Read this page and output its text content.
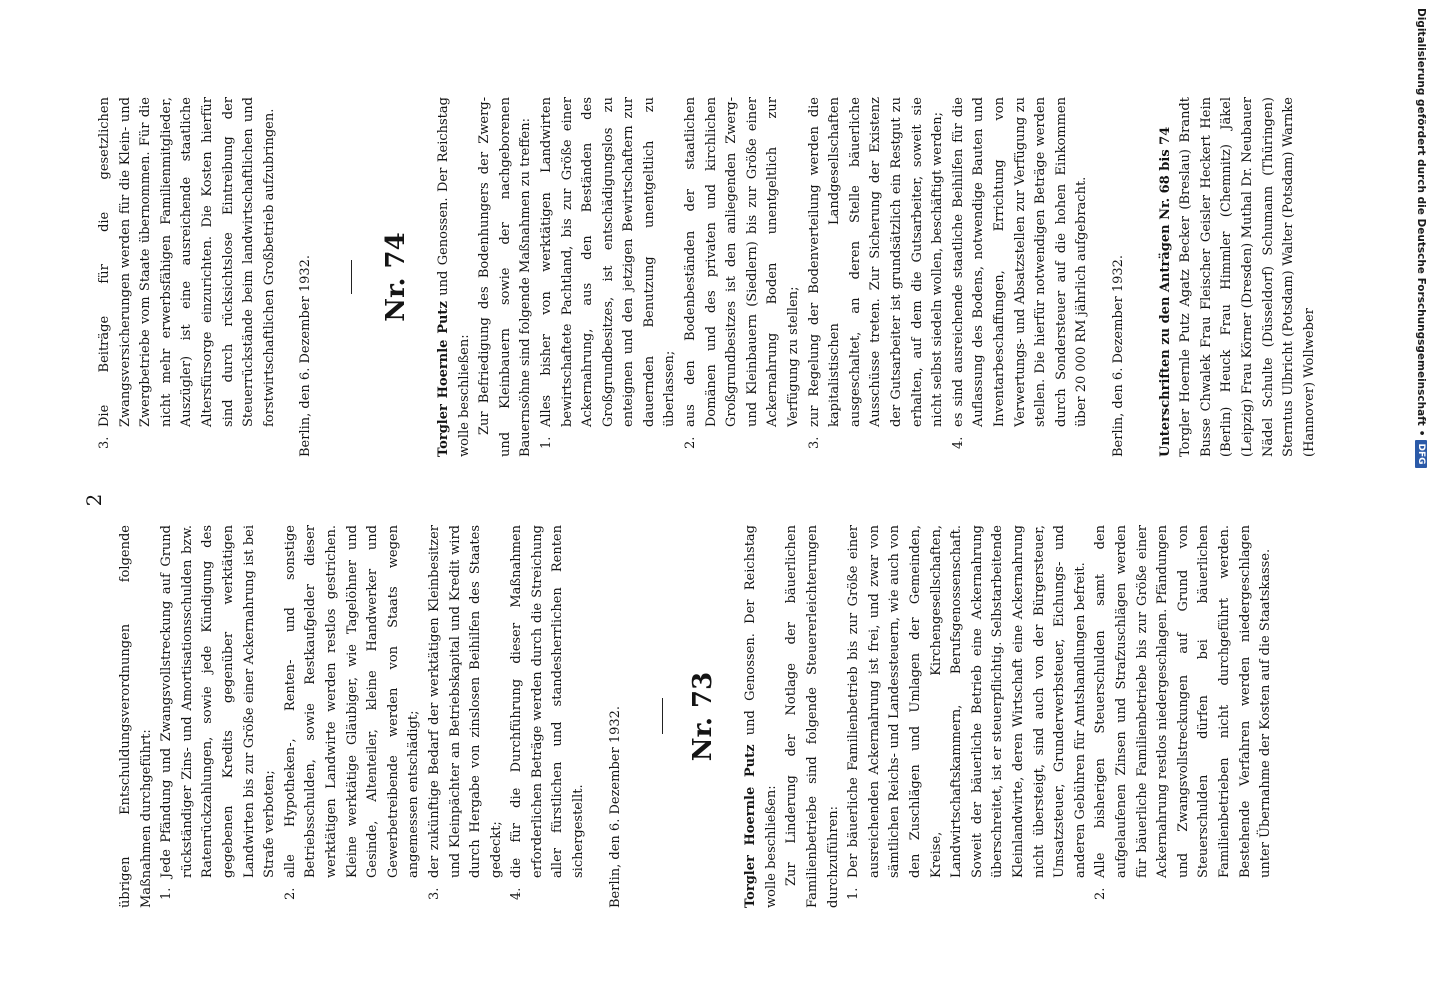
2

übrigen Entschuldungsverordnungen folgende Maßnahmen durchgeführt: 1.Jede Pfändung und Zwangsvollstreckung auf Grund rückständiger Zins- und Amortisationsschulden bzw. Ratenrückzahlungen, sowie jede Kündigung des gegebenen Kredits gegenüber werktätigen Landwirten bis zur Größe einer Ackernahrung ist bei Strafe verboten;

2.alle Hypotheken-, Renten- und sonstige Betriebsschulden, sowie Restkaufgelder dieser werktätigen Landwirte werden restlos gestrichen. Kleine werktätige Gläubiger, wie Tagelöhner und Gesinde, Altenteiler, kleine Handwerker und Gewerbetreibende werden von Staats wegen angemessen entschädigt;

3.der zukünftige Bedarf der werktätigen Kleinbesitzer und Kleinpächter an Betriebskapital und Kredit wird durch Hergabe von zinslosen Beihilfen des Staates gedeckt;

4.die für die Durchführung dieser Maßnahmen erforderlichen Beträge werden durch die Streichung aller fürstlichen und standesherrlichen Renten sichergestellt. Berlin, den 6. Dezember 1932.	Nr. 73

Torgler Hoernle Putz und Genossen. Der Reichstag wolle beschließen: Zur Linderung der Notlage der bäuerlichen Familienbetriebe sind folgende Steuererleichterungen durchzuführen: 1.Der bäuerliche Familienbetrieb bis zur Größe einer ausreichenden Ackernahrung ist frei, und zwar von sämtlichen Reichs- und Landessteuern, wie auch von den Zuschlägen und Umlagen der Gemeinden, Kreise, Kirchengesellschaften, Landwirtschaftskammern, Berufsgenossenschaft. Soweit der bäuerliche Betrieb eine Ackernahrung überschreitet, ist er steuerpflichtig. Selbstarbeitende Kleinlandwirte, deren Wirtschaft eine Ackernahrung nicht übersteigt, sind auch von der Bürgersteuer, Umsatzsteuer, Grunderwerbsteuer, Eichungs- und anderen Gebühren für Amtshandlungen befreit.

2.Alle bisherigen Steuerschulden samt den aufgelaufenen Zinsen und Strafzuschlägen werden für bäuerliche Familienbetriebe bis zur Größe einer Ackernahrung restlos niedergeschlagen. Pfändungen und Zwangsvollstreckungen auf Grund von Steuerschulden dürfen bei bäuerlichen Familienbetrieben nicht durchgeführt werden. Bestehende Verfahren werden niedergeschlagen unter Übernahme der Kosten auf die Staatskasse.

3.Die Beiträge für die gesetzlichen Zwangsversicherungen werden für die Klein- und Zwergbetriebe vom Staate übernommen. Für die nicht mehr erwerbsfähigen Familienmitglieder, Auszügler) ist eine ausreichende staatliche Altersfürsorge einzurichten. Die Kosten hierfür sind durch rücksichtslose Eintreibung der Steuerrückstände beim landwirtschaftlichen und forstwirtschaftlichen Großbetrieb aufzubringen. Berlin, den 6. Dezember 1932.	Nr. 74

Torgler Hoernle Putz und Genossen. Der Reichstag wolle beschließen: Zur Befriedigung des Bodenhungers der Zwerg- und Kleinbauern sowie der nachgeborenen Bauernsöhne sind folgende Maßnahmen zu treffen: 1.Alles bisher von werktätigen Landwirten bewirtschaftete Pachtland, bis zur Größe einer Ackernahrung, aus den Beständen des Großgrundbesitzes, ist entschädigungslos zu enteignen und den jetzigen Bewirtschaftern zur dauernden Benutzung unentgeltlich zu überlassen;

2.aus den Bodenbeständen der staatlichen Domänen und des privaten und kirchlichen Großgrundbesitzes ist den anliegenden Zwerg- und Kleinbauern (Siedlern) bis zur Größe einer Ackernahrung Boden unentgeltlich zur Verfügung zu stellen;

3.zur Regelung der Bodenverteilung werden die kapitalistischen Landgesellschaften ausgeschaltet, an deren Stelle bäuerliche Ausschüsse treten. Zur Sicherung der Existenz der Gutsarbeiter ist grundsätzlich ein Restgut zu erhalten, auf dem die Gutsarbeiter, soweit sie nicht selbst siedeln wollen, beschäftigt werden;

4.es sind ausreichende staatliche Beihilfen für die Auflassung des Bodens, notwendige Bauten und Inventarbeschaffungen, Errichtung von Verwertungs- und Absatzstellen zur Verfügung zu stellen. Die hierfür notwendigen Beträge werden durch Sondersteuer auf die hohen Einkommen über 20 000 RM jährlich aufgebracht. Berlin, den 6. Dezember 1932. Unterschriften zu den Anträgen Nr. 68 bis 74 Torgler Hoernle Putz Agatz Becker (Breslau) Brandt Busse Chwalek Frau Fleischer Geisler Heckert Hein (Berlin) Heuck Frau Himmler (Chemnitz) Jäkel (Leipzig) Frau Körner (Dresden) Muthal Dr. Neubauer Nädel Schulte (Düsseldorf) Schumann (Thüringen) Sterntus Ulbricht (Potsdam) Walter (Potsdam) Warnke (Hannover) Wollweber	Digitalisierung gefördert durch die Deutsche Forschungsgemeinschaft•DFG
